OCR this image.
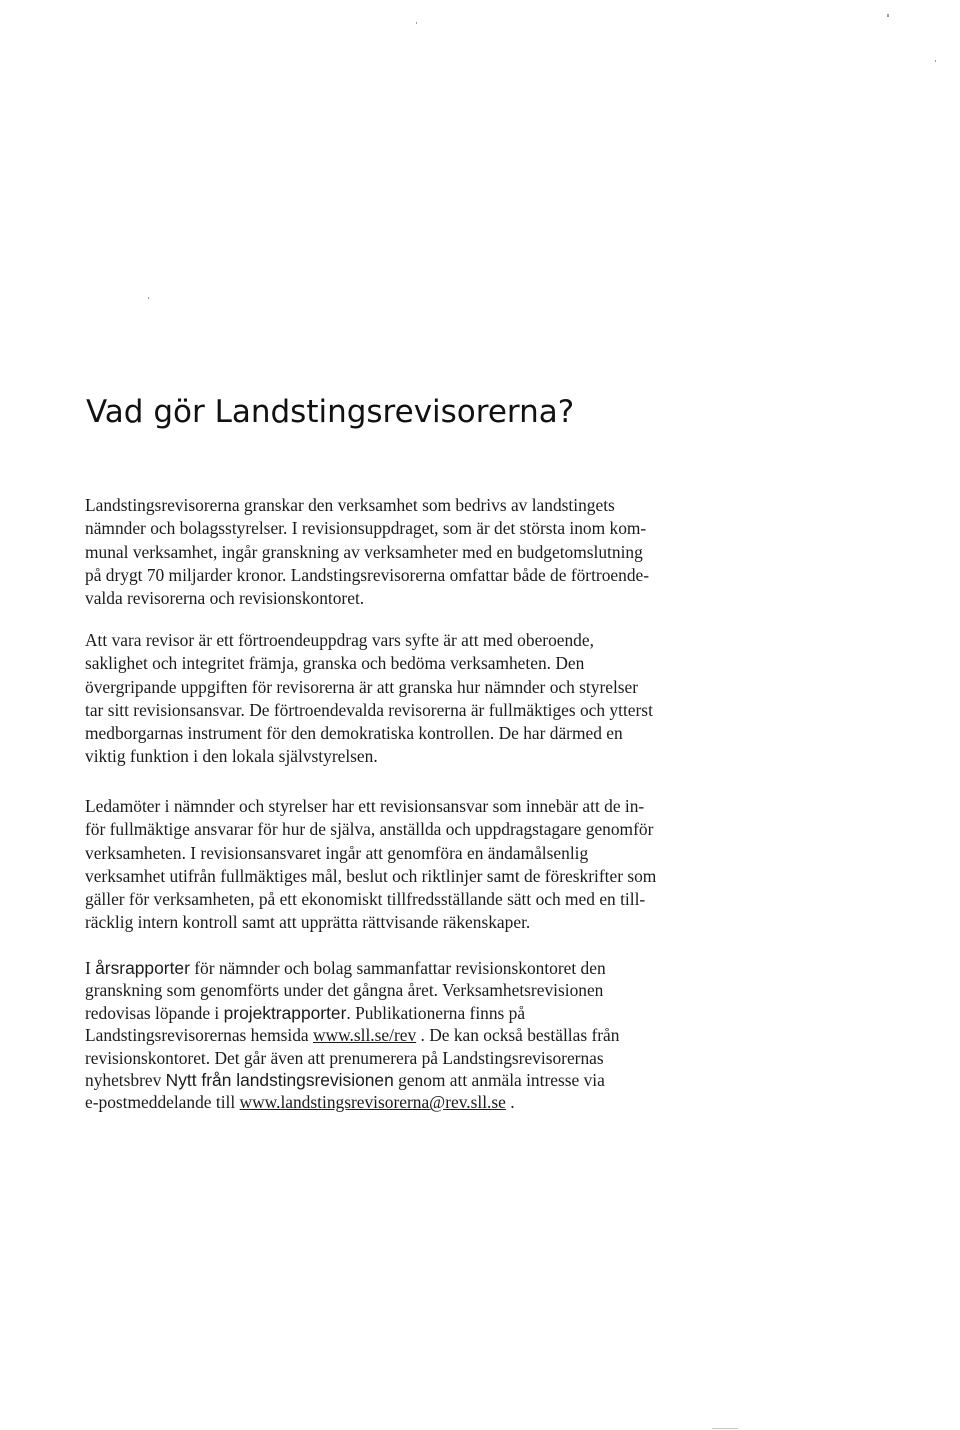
Vad gör Landstingsrevisorerna?
Landstingsrevisorerna granskar den verksamhet som bedrivs av landstingets
nämnder och bolagsstyrelser. I revisionsuppdraget, som är det största inom kom-
munal verksamhet, ingår granskning av verksamheter med en budgetomslutning
på drygt 70 miljarder kronor. Landstingsrevisorerna omfattar både de förtroende-
valda revisorerna och revisionskontoret.
Att vara revisor är ett förtroendeuppdrag vars syfte är att med oberoende,
saklighet och integritet främja, granska och bedöma verksamheten. Den
övergripande uppgiften för revisorerna är att granska hur nämnder och styrelser
tar sitt revisionsansvar. De förtroendevalda revisorerna är fullmäktiges och ytterst
medborgarnas instrument för den demokratiska kontrollen. De har därmed en
viktig funktion i den lokala självstyrelsen.
Ledamöter i nämnder och styrelser har ett revisionsansvar som innebär att de in-
för fullmäktige ansvarar för hur de själva, anställda och uppdragstagare genomför
verksamheten. I revisionsansvaret ingår att genomföra en ändamålsenlig
verksamhet utifrån fullmäktiges mål, beslut och riktlinjer samt de föreskrifter som
gäller för verksamheten, på ett ekonomiskt tillfredsställande sätt och med en till-
räcklig intern kontroll samt att upprätta rättvisande räkenskaper.
I årsrapporter för nämnder och bolag sammanfattar revisionskontoret den
granskning som genomförts under det gångna året. Verksamhetsrevisionen
redovisas löpande i projektrapporter. Publikationerna finns på
Landstingsrevisorernas hemsida www.sll.se/rev . De kan också beställas från
revisionskontoret. Det går även att prenumerera på Landstingsrevisorernas
nyhetsbrev Nytt från landstingsrevisionen genom att anmäla intresse via
e-postmeddelande till www.landstingsrevisorerna@rev.sll.se .
